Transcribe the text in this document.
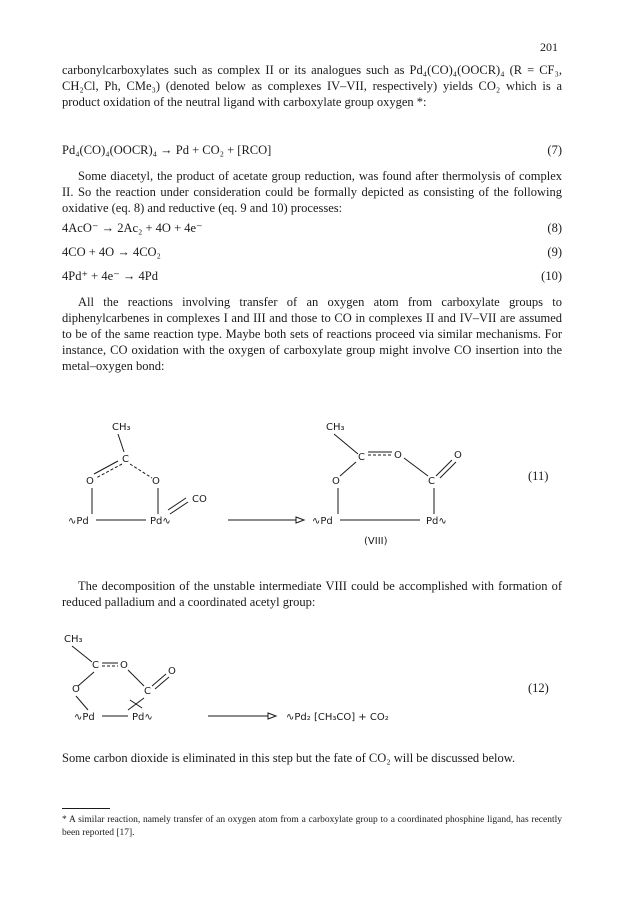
201
carbonylcarboxylates such as complex II or its analogues such as Pd₄(CO)₄(OOCR)₄ (R = CF₃, CH₂Cl, Ph, CMe₃) (denoted below as complexes IV–VII, respectively) yields CO₂ which is a product oxidation of the neutral ligand with carboxylate group oxygen *:
Pd₄(CO)₄(OOCR)₄ → Pd + CO₂ + [RCO]	(7)
Some diacetyl, the product of acetate group reduction, was found after thermolysis of complex II. So the reaction under consideration could be formally depicted as consisting of the following oxidative (eq. 8) and reductive (eq. 9 and 10) processes:
4AcO⁻ → 2Ac₂ + 4O + 4e⁻	(8)
4CO + 4O → 4CO₂	(9)
4Pd⁺ + 4e⁻ → 4Pd	(10)
All the reactions involving transfer of an oxygen atom from carboxylate groups to diphenylcarbenes in complexes I and III and those to CO in complexes II and IV–VII are assumed to be of the same reaction type. Maybe both sets of reactions proceed via similar mechanisms. For instance, CO oxidation with the oxygen of carboxylate group might involve CO insertion into the metal–oxygen bond:
CH₃
C
O	O
CO
∿Pd	Pd∿
CH₃
C	O
O	C
O
∿Pd	Pd∿
(VIII)
(11)
The decomposition of the unstable intermediate VIII could be accomplished with formation of reduced palladium and a coordinated acetyl group:
CH₃
C O
O	C
O
∿Pd	Pd∿	∿Pd₂ [CH₃CO] + CO₂
(12)
Some carbon dioxide is eliminated in this step but the fate of CO₂ will be discussed below.
* A similar reaction, namely transfer of an oxygen atom from a carboxylate group to a coordinated phosphine ligand, has recently been reported [17].
